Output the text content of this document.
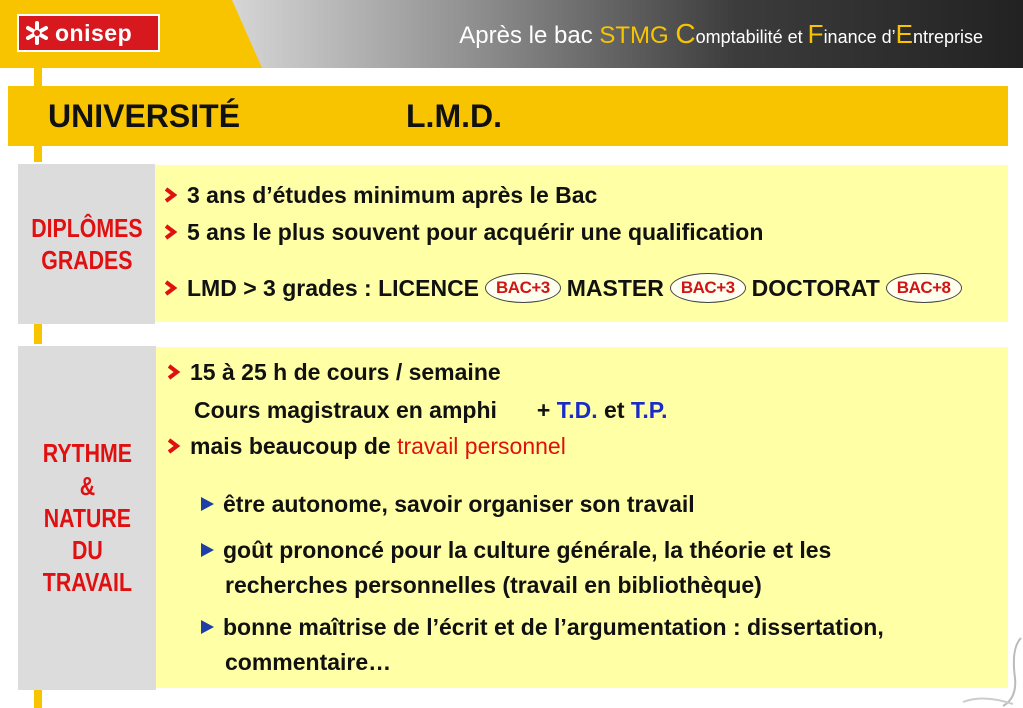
onisep	Après le bac STMG Comptabilité et Finance d’Entreprise
UNIVERSITÉ	L.M.D.
DIPLÔMES
GRADES
3 ans d’études minimum après le Bac
5 ans le plus souvent pour acquérir une qualification
LMD > 3 grades : LICENCE BAC+3 MASTER BAC+3 DOCTORAT BAC+8
RYTHME
&
NATURE
DU
TRAVAIL
15 à 25 h de cours / semaine
Cours magistraux en amphi + T.D. et T.P.
mais beaucoup de travail personnel
être autonome, savoir organiser son travail
goût prononcé pour la culture générale, la théorie et les
recherches personnelles (travail en bibliothèque)
bonne maîtrise de l’écrit et de l’argumentation : dissertation,
commentaire…
